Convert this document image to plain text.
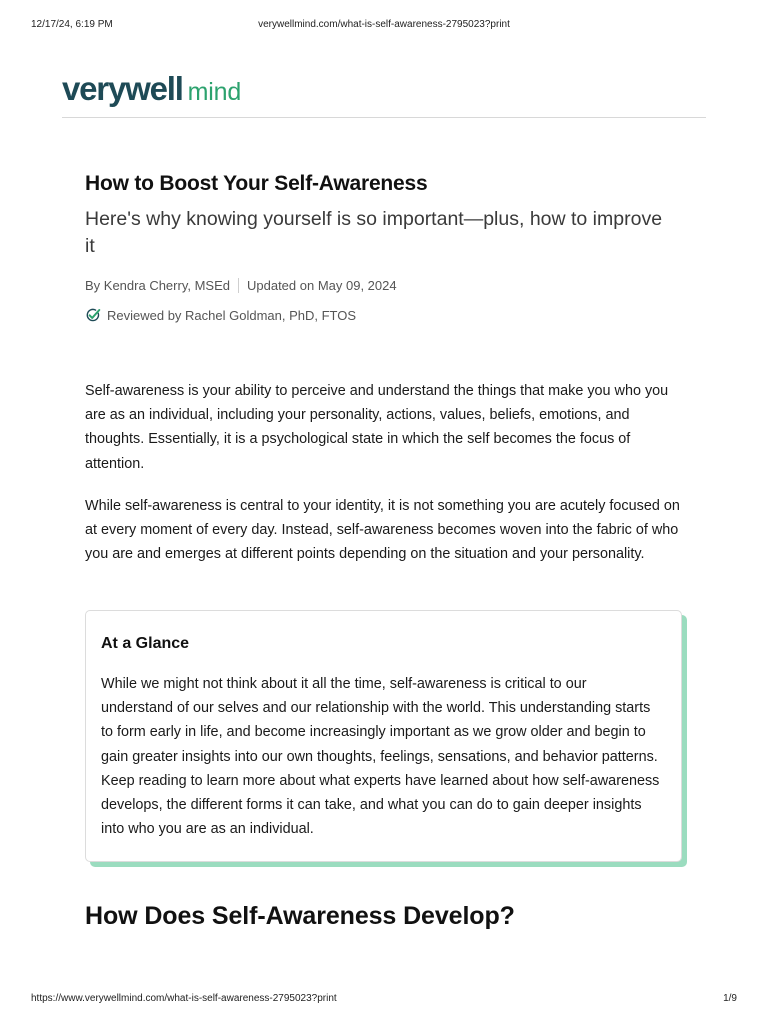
12/17/24, 6:19 PM	verywellmind.com/what-is-self-awareness-2795023?print
verywell mind
How to Boost Your Self-Awareness
Here's why knowing yourself is so important—plus, how to improve it
By Kendra Cherry, MSEd Updated on May 09, 2024
Reviewed by Rachel Goldman, PhD, FTOS

Self-awareness is your ability to perceive and understand the things that make you who you are as an individual, including your personality, actions, values, beliefs, emotions, and thoughts. Essentially, it is a psychological state in which the self becomes the focus of attention.

While self-awareness is central to your identity, it is not something you are acutely focused on at every moment of every day. Instead, self-awareness becomes woven into the fabric of who you are and emerges at different points depending on the situation and your personality.

At a Glance

While we might not think about it all the time, self-awareness is critical to our understand of our selves and our relationship with the world. This understanding starts to form early in life, and become increasingly important as we grow older and begin to gain greater insights into our own thoughts, feelings, sensations, and behavior patterns. Keep reading to learn more about what experts have learned about how self-awareness develops, the different forms it can take, and what you can do to gain deeper insights into who you are as an individual.

How Does Self-Awareness Develop?
https://www.verywellmind.com/what-is-self-awareness-2795023?print	1/9
